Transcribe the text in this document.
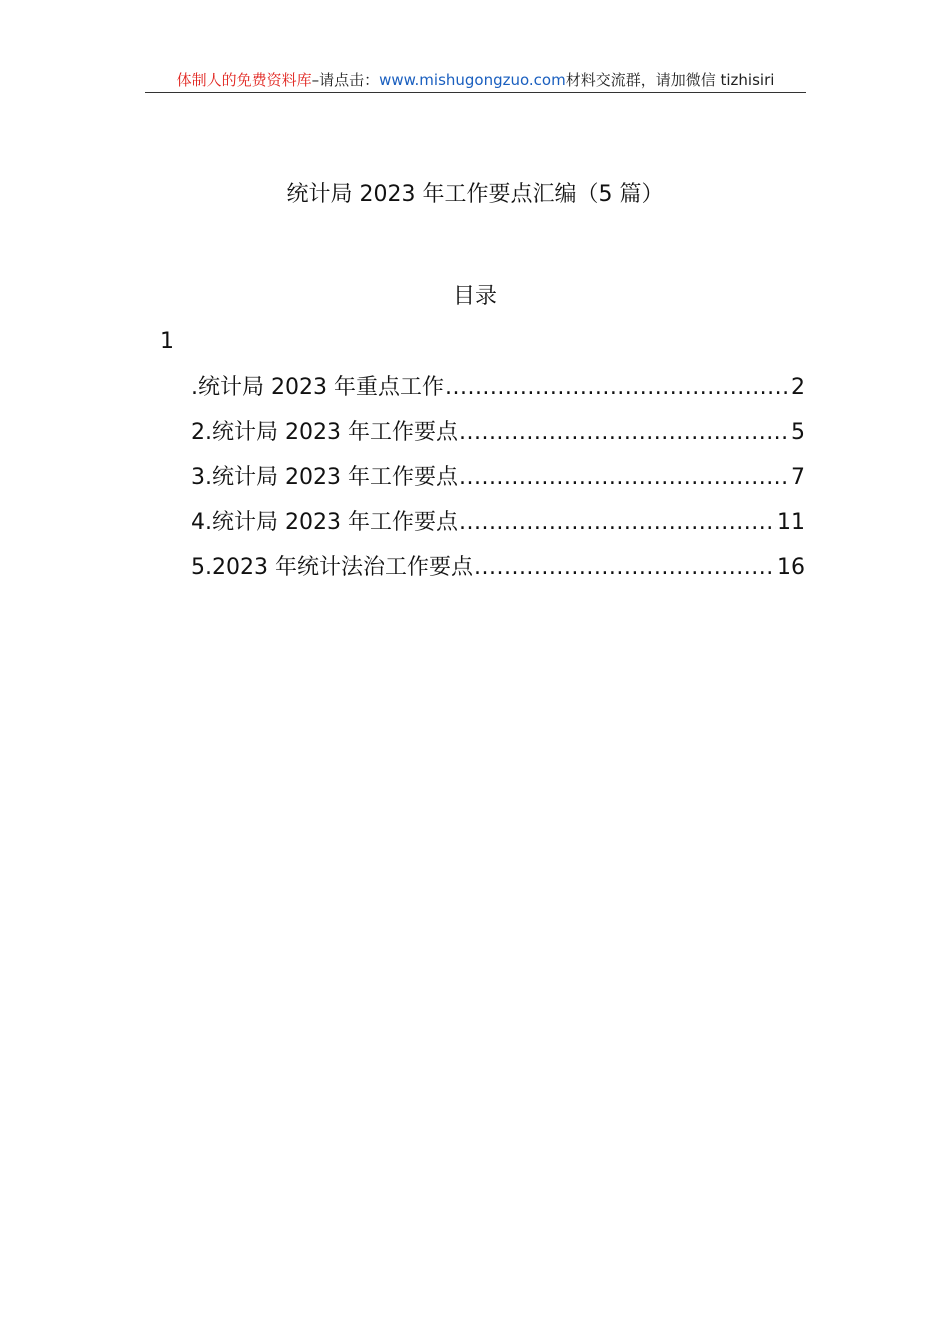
体制人的免费资料库–请点击：www.mishugongzuo.com材料交流群，请加微信 tizhisiri
统计局 2023 年工作要点汇编（5 篇）
目录
1
.统计局 2023 年重点工作 .....	2
2.统计局 2023 年工作要点 .....	5
3.统计局 2023 年工作要点 .....	7
4.统计局 2023 年工作要点 .....	11
5.2023 年统计法治工作要点 .....	16
